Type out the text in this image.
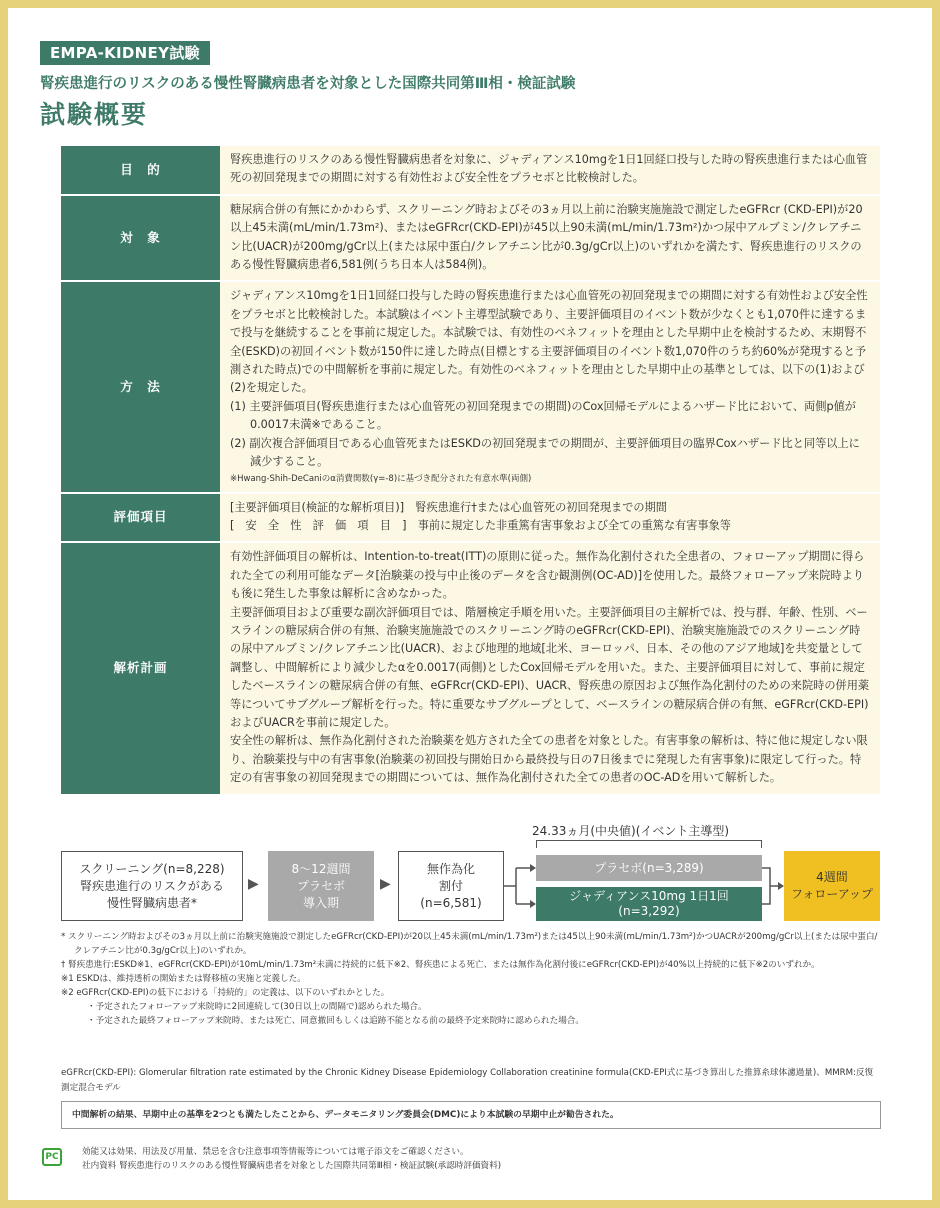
EMPA-KIDNEY試験
腎疾患進行のリスクのある慢性腎臓病患者を対象とした国際共同第Ⅲ相・検証試験
試験概要
目　的	腎疾患進行のリスクのある慢性腎臓病患者を対象に、ジャディアンス10mgを1日1回経口投与した時の腎疾患進行または心血管死の初回発現までの期間に対する有効性および安全性をプラセボと比較検討した。
対　象	糖尿病合併の有無にかかわらず、スクリーニング時およびその3ヵ月以上前に治験実施施設で測定したeGFRcr (CKD-EPI)が20以上45未満(mL/min/1.73m²)、またはeGFRcr(CKD-EPI)が45以上90未満(mL/min/1.73m²)かつ尿中アルブミン/クレアチニン比(UACR)が200mg/gCr以上(または尿中蛋白/クレアチニン比が0.3g/gCr以上)のいずれかを満たす、腎疾患進行のリスクのある慢性腎臓病患者6,581例(うち日本人は584例)。
方　法	ジャディアンス10mgを1日1回経口投与した時の腎疾患進行または心血管死の初回発現までの期間に対する有効性および安全性をプラセボと比較検討した。本試験はイベント主導型試験であり、主要評価項目のイベント数が少なくとも1,070件に達するまで投与を継続することを事前に規定した。本試験では、有効性のベネフィットを理由とした早期中止を検討するため、末期腎不全(ESKD)の初回イベント数が150件に達した時点(目標とする主要評価項目のイベント数1,070件のうち約60%が発現すると予測された時点)での中間解析を事前に規定した。有効性のベネフィットを理由とした早期中止の基準としては、以下の(1)および(2)を規定した。

(1) 主要評価項目(腎疾患進行または心血管死の初回発現までの期間)のCox回帰モデルによるハザード比において、両側p値が0.0017未満※であること。

(2) 副次複合評価項目である心血管死またはESKDの初回発現までの期間が、主要評価項目の臨界Coxハザード比と同等以上に減少すること。

※Hwang-Shih-DeCaniのα消費関数(γ=-8)に基づき配分された有意水準(両側)

評価項目	[主要評価項目(検証的な解析項目)]　腎疾患進行†または心血管死の初回発現までの期間

[　安　全　性　評　価　項　目　]　事前に規定した非重篤有害事象および全ての重篤な有害事象等

解析計画	有効性評価項目の解析は、Intention-to-treat(ITT)の原則に従った。無作為化割付された全患者の、フォローアップ期間に得られた全ての利用可能なデータ[治験薬の投与中止後のデータを含む観測例(OC-AD)]を使用した。最終フォローアップ来院時よりも後に発生した事象は解析に含めなかった。

主要評価項目および重要な副次評価項目では、階層検定手順を用いた。主要評価項目の主解析では、投与群、年齢、性別、ベースラインの糖尿病合併の有無、治験実施施設でのスクリーニング時のeGFRcr(CKD-EPI)、治験実施施設でのスクリーニング時の尿中アルブミン/クレアチニン比(UACR)、および地理的地域[北米、ヨーロッパ、日本、その他のアジア地域]を共変量として調整し、中間解析により減少したαを0.0017(両側)としたCox回帰モデルを用いた。また、主要評価項目に対して、事前に規定したベースラインの糖尿病合併の有無、eGFRcr(CKD-EPI)、UACR、腎疾患の原因および無作為化割付のための来院時の併用薬等についてサブグループ解析を行った。特に重要なサブグループとして、ベースラインの糖尿病合併の有無、eGFRcr(CKD-EPI)およびUACRを事前に規定した。

安全性の解析は、無作為化割付された治験薬を処方された全ての患者を対象とした。有害事象の解析は、特に他に規定しない限り、治験薬投与中の有害事象(治験薬の初回投与開始日から最終投与日の7日後までに発現した有害事象)に限定して行った。特定の有害事象の初回発現までの期間については、無作為化割付された全ての患者のOC-ADを用いて解析した。

24.33ヵ月(中央値)(イベント主導型)
スクリーニング(n=8,228)
腎疾患進行のリスクがある
慢性腎臓病患者*
▶
8〜12週間
プラセボ
導入期
▶
無作為化
割付
(n=6,581)
プラセボ(n=3,289)
ジャディアンス10mg 1日1回
(n=3,292)
4週間
フォローアップ

* スクリーニング時およびその3ヵ月以上前に治験実施施設で測定したeGFRcr(CKD-EPI)が20以上45未満(mL/min/1.73m²)または45以上90未満(mL/min/1.73m²)かつUACRが200mg/gCr以上(または尿中蛋白/クレアチニン比が0.3g/gCr以上)のいずれか。

† 腎疾患進行:ESKD※1、eGFRcr(CKD-EPI)が10mL/min/1.73m²未満に持続的に低下※2、腎疾患による死亡、または無作為化割付後にeGFRcr(CKD-EPI)が40%以上持続的に低下※2のいずれか。

※1 ESKDは、維持透析の開始または腎移植の実施と定義した。

※2 eGFRcr(CKD-EPI)の低下における「持続的」の定義は、以下のいずれかとした。

・予定されたフォローアップ来院時に2回連続して(30日以上の間隔で)認められた場合。

・予定された最終フォローアップ来院時、または死亡、同意撤回もしくは追跡不能となる前の最終予定来院時に認められた場合。

eGFRcr(CKD-EPI): Glomerular filtration rate estimated by the Chronic Kidney Disease Epidemiology Collaboration creatinine formula(CKD-EPI式に基づき算出した推算糸球体濾過量)、MMRM:反復測定混合モデル
中間解析の結果、早期中止の基準を2つとも満たしたことから、データモニタリング委員会(DMC)により本試験の早期中止が勧告された。
PC	効能又は効果、用法及び用量、禁忌を含む注意事項等情報等については電子添文をご確認ください。

社内資料 腎疾患進行のリスクのある慢性腎臓病患者を対象とした国際共同第Ⅲ相・検証試験(承認時評価資料)
